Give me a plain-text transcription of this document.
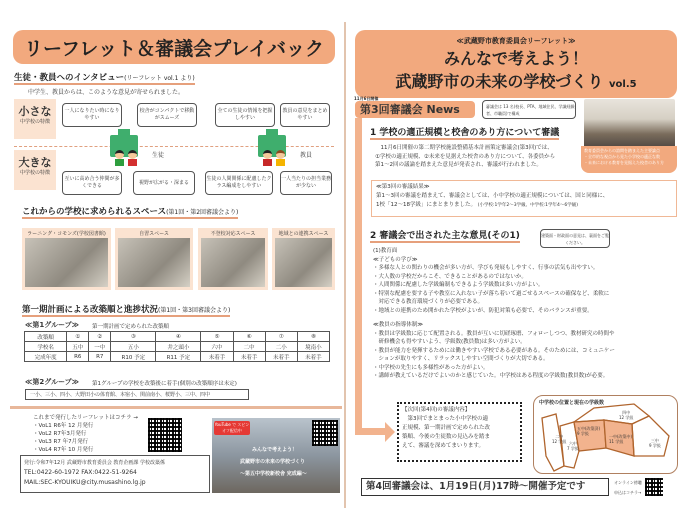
リーフレット＆審議会プレイバック
生徒・教員へのインタビュー(リーフレット vol.1 より)
中学生、教員からは、このような意見が寄せられました。
小さな
中学校の特徴
大きな
中学校の特徴
一人になりたい時になりやすい
校舎がコンパクトで移動がスムーズ
全ての生徒の情報を把握しやすい
教員の意見をまとめやすい
生徒	教員
互いに高め合う仲間が多くできる
視野が広がる・深まる
生徒の人間関係に配慮したクラス編成をしやすい
一人当たりの担当業務が少ない
これからの学校に求められるスペース(第1回・第2回審議会より)
ラーニング・コモンズ(学校図書館)	自習スペース	不登校対応スペース	地域との連携スペース
第一期計画による改築順と進捗状況(第1回・第3回審議会より)
≪第1グループ≫ 第一期計画で定められた改築順
改築順	①	②	③	④	⑤	⑥	⑦	⑧
学校名	五中	一中	五小	井之頭小	六中	二中	二小	境南小
完成年度	R6	R7	R10 予定	R11 予定	未着手	未着手	未着手	未着手
≪第2グループ≫ 第1グループの学校を改築後に着手(個別の改築順序は未定)
一小、三小、四小、大野田小の体育館、本宿小、関前南小、桜野小、三中、四中
これまで発行したリーフレットはコチラ →
・VoL1 R6年 12 月発行
・VoL2 R7年3月発行
・VoL3 R7 年7月発行
・VoL4 R7年 10 月発行
発行:令和7年12月 武蔵野市教育委員会 教育企画課 学校改築係
TEL:0422-60-1972 FAX:0422-51-9264
MAIL:SEC-KYOUIKU@city.musashino.lg.jp
YouTube で スピンオフ配信中
みんなで考えよう！
武蔵野市の未来の学校づくり
～第五中学校新校舎 完成編～
≪武蔵野市教育委員会リーフレット≫
みんなで考えよう！
武蔵野市の未来の学校づくり vol.5
11月6日開催
第3回審議会 News	審議会は 13 名(校長、PTA、地域住民、学識経験者、市職員)で構成
教育委員会からの諮問を踏まえた主要論点
・全市的な視点から見た小学校の適正な数
・未来における教育を見据えた校舎のあり方
1 学校の適正規模と校舎のあり方について審議
　11月6日開催の第二期学校施設整備基本計画策定審議会(第3回)では、
①学校の適正規模、②未来を見据えた校舎のあり方について、各委員から
第1～2回の議論を踏まえた意見が発表され、審議が行われました。
≪第3回の審議結果≫
第1～3回の審議を踏まえて、審議会としては、小中学校の適正規模については、国と同様に、
1校「12～18学級」にまとまりました。 (小学校:1学年2～3学級、中学校:1学年4～6学級)
2 審議会で出された主な意見(その1)	建築面・財政面の意見は、裏面をご覧ください。
(1)教育面
≪子どもの学び≫
・多様な人との関わりの機会が多い方が、学びも発展もしやすく、行事の活気も出やすい。
・大人数の学校だからこそ、できることがあるのではないか。
・人間関係に配慮した学級編制もできるよう学級数は多い方がよい。
・特別な配慮を要する子や教室に入れない子が落ち着いて過ごせるスペースの確保など、柔軟に
　対応できる教育環境づくりが必要である。
・地域との連携のため開かれた学校がよいが、防犯対策も必要で、そのバランスが重要。
≪教員の指導体制≫
・教員は学級数に応じて配置される。教員が互いに切磋琢磨、フォローしつつ、教材研究の時間や
　研修機会も得やすいよう、学級数(教員数)は多い方がよい。
・教員が能力を発揮するためには働きやすい学校である必要がある。そのためには、コミュニケー
　ションが取りやすく、リラックスしやすい空間づくりが大切である。
・中学校の先生にも多様性があった方がよい。
・講師が教えているだけでよいのかと感じていた。中学校はある程度の学級数(教員数)が必要。
【次回(第4回)の審議内容】
　第3回でまとまった小中学校の適
正規模、第一期計画で定められた改
築順、今後の生徒数の見込みを踏ま
えて、審議を深めてまいります。
中学校の位置と現在の学級数
二中
12 学級 六中
7 学級
五中(改築済)
9 学級
一中(改築中)
11 学級
四中
12 学級
三中
9 学級
第4回審議会は、1月19日(月)17時～開催予定です	オンライン傍聴
申込はコチラ→
